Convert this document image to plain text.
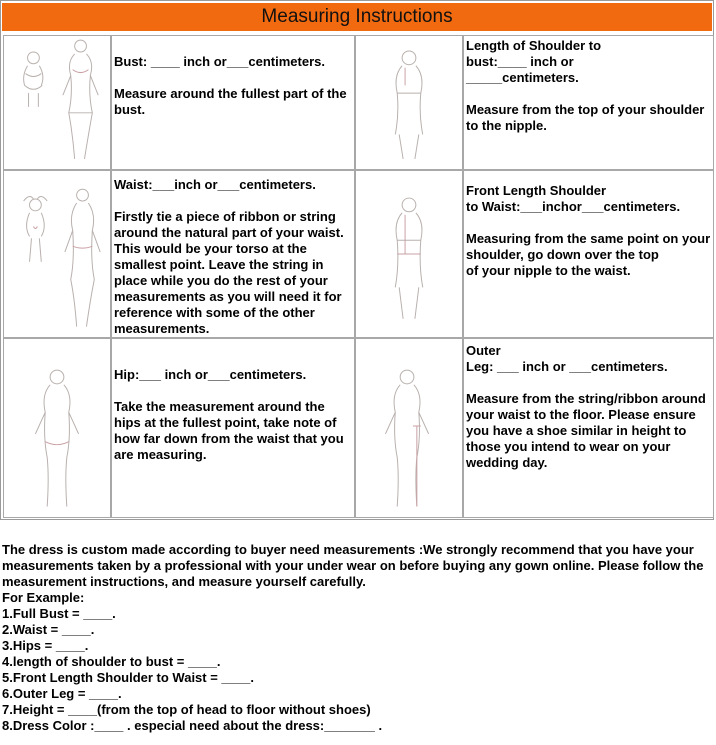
Measuring Instructions

Bust: ____ inch or___centimeters.

Measure around the fullest part of the bust.

Length of Shoulder to

bust:____ inch or

_____centimeters.

Measure from the top of your shoulder to the nipple.

Waist:___inch or___centimeters.

Firstly tie a piece of ribbon or string around the natural part of your waist. This would be your torso at the smallest point. Leave the string in place while you do the rest of your measurements as you will need it for reference with some of the other measurements.

Front Length Shoulder

to Waist:___inchor___centimeters.

Measuring from the same point on your shoulder, go down over the top

of your nipple to the waist.

Hip:___ inch or___centimeters.

Take the measurement around the hips at the fullest point, take note of how far down from the waist that you are measuring.

Outer

Leg: ___ inch or ___centimeters.

Measure from the string/ribbon around your waist to the floor. Please ensure you have a shoe similar in height to those you intend to wear on your wedding day.

The dress is custom made according to buyer need measurements :We strongly recommend that you have your measurements taken by a professional with your under wear on before buying any gown online. Please follow the measurement instructions, and measure yourself carefully.

For Example:

1.Full Bust = ____.

2.Waist = ____.

3.Hips = ____.

4.length of shoulder to bust = ____.

5.Front Length Shoulder to Waist = ____.

6.Outer Leg = ____.

7.Height = ____(from the top of head to floor without shoes)

8.Dress Color :____ . especial need about the dress:_______ .
